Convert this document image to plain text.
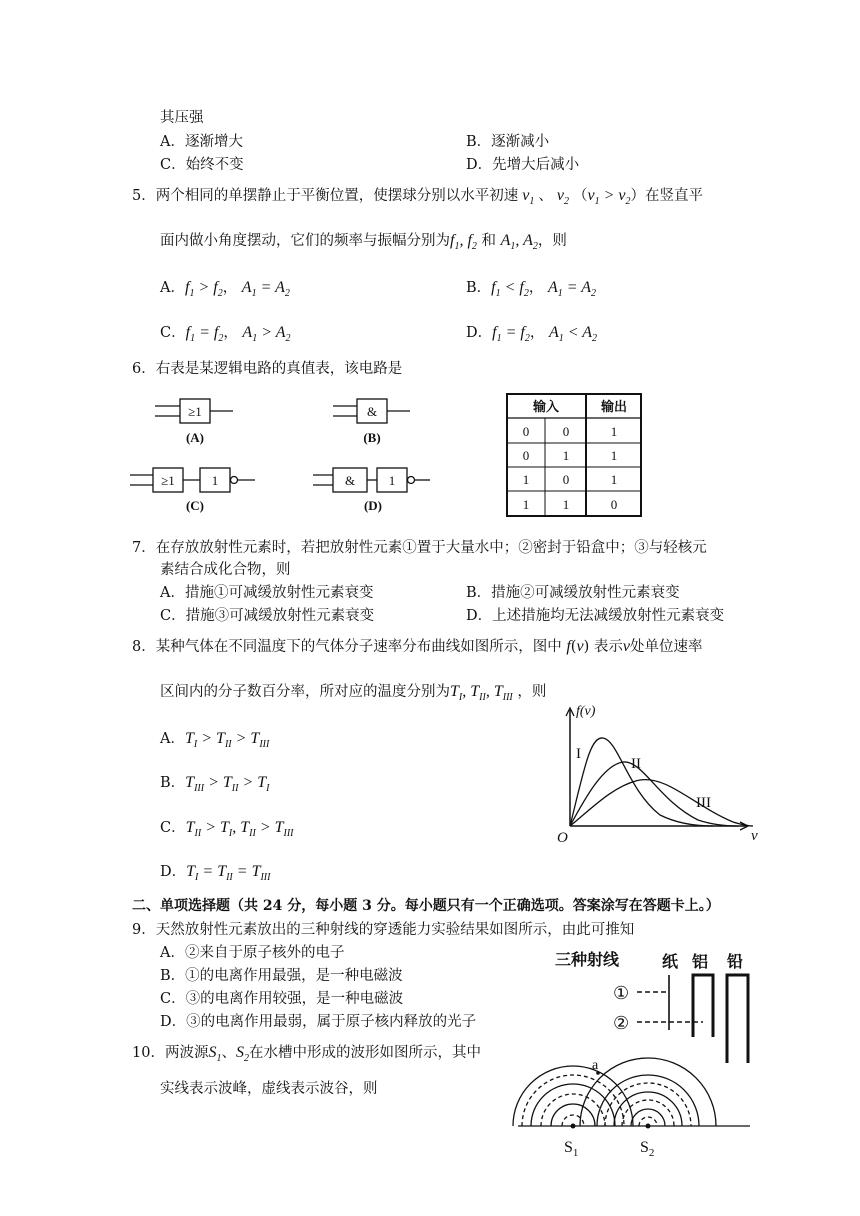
其压强
A．逐渐增大	B．逐渐减小
C．始终不变	D．先增大后减小
5．两个相同的单摆静止于平衡位置，使摆球分别以水平初速 $v_1$ 、 $v_2$ $(v_1 > v_2)$在竖直平
面内做小角度摆动，它们的频率与振幅分别为$f_1$, $f_2$ 和 $A_1$, $A_2$，则
A．$f_1 > f_2$， $A_1 = A_2$	B．$f_1 < f_2$， $A_1 = A_2$
C．$f_1 = f_2$， $A_1 > A_2$	D．$f_1 = f_2$， $A_1 < A_2$
6．右表是某逻辑电路的真值表，该电路是
≥1	&
≥1	1	&	1
(A)	(B)
(C)	(D)
输入	输出
0	0	1
0	1	1
1	0	1
1	1	0
7．在存放放射性元素时，若把放射性元素①置于大量水中；②密封于铅盒中；③与轻核元
素结合成化合物，则
A．措施①可减缓放射性元素衰变	B．措施②可减缓放射性元素衰变
C．措施③可减缓放射性元素衰变	D．上述措施均无法减缓放射性元素衰变
8．某种气体在不同温度下的气体分子速率分布曲线如图所示，图中 f(v) 表示v处单位速率
区间内的分子数百分率，所对应的温度分别为$T_I$, $T_{II}$, $T_{III}$ ，则
A．$T_I > T_{II} > T_{III}$
B．$T_{III} > T_{II} > T_I$
C．$T_{II} > T_I$, $T_{II} > T_{III}$
D．$T_I = T_{II} = T_{III}$
f(v)
v
O
I
II
III
二、单项选择题（共 24 分，每小题 3 分。每小题只有一个正确选项。答案涂写在答题卡上。）
9．天然放射性元素放出的三种射线的穿透能力实验结果如图所示，由此可推知
A．②来自于原子核外的电子
B．①的电离作用最强，是一种电磁波
C．③的电离作用较强，是一种电磁波
D．③的电离作用最弱，属于原子核内释放的光子
三种射线	纸 铝 铅
①
②
10．两波源$S_1$、$S_2$在水槽中形成的波形如图所示，其中
实线表示波峰，虚线表示波谷，则
a
$S_1$	$S_2$
